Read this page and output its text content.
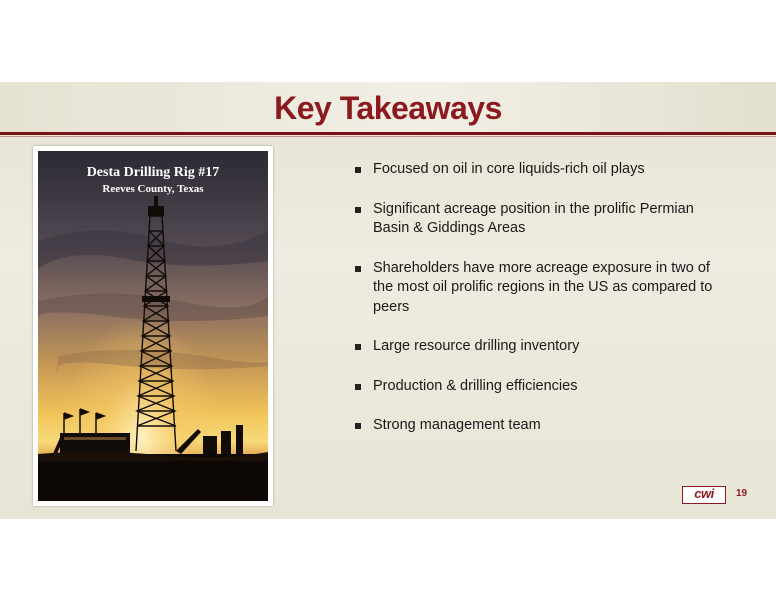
Key Takeaways
Desta Drilling Rig #17
Reeves County, Texas
Focused on oil in core liquids-rich oil plays
Significant acreage position in the prolific Permian Basin & Giddings Areas
Shareholders have more acreage exposure in two of the most oil prolific regions in the US as compared to peers
Large resource drilling inventory
Production & drilling efficiencies
Strong management team
cwi	19
